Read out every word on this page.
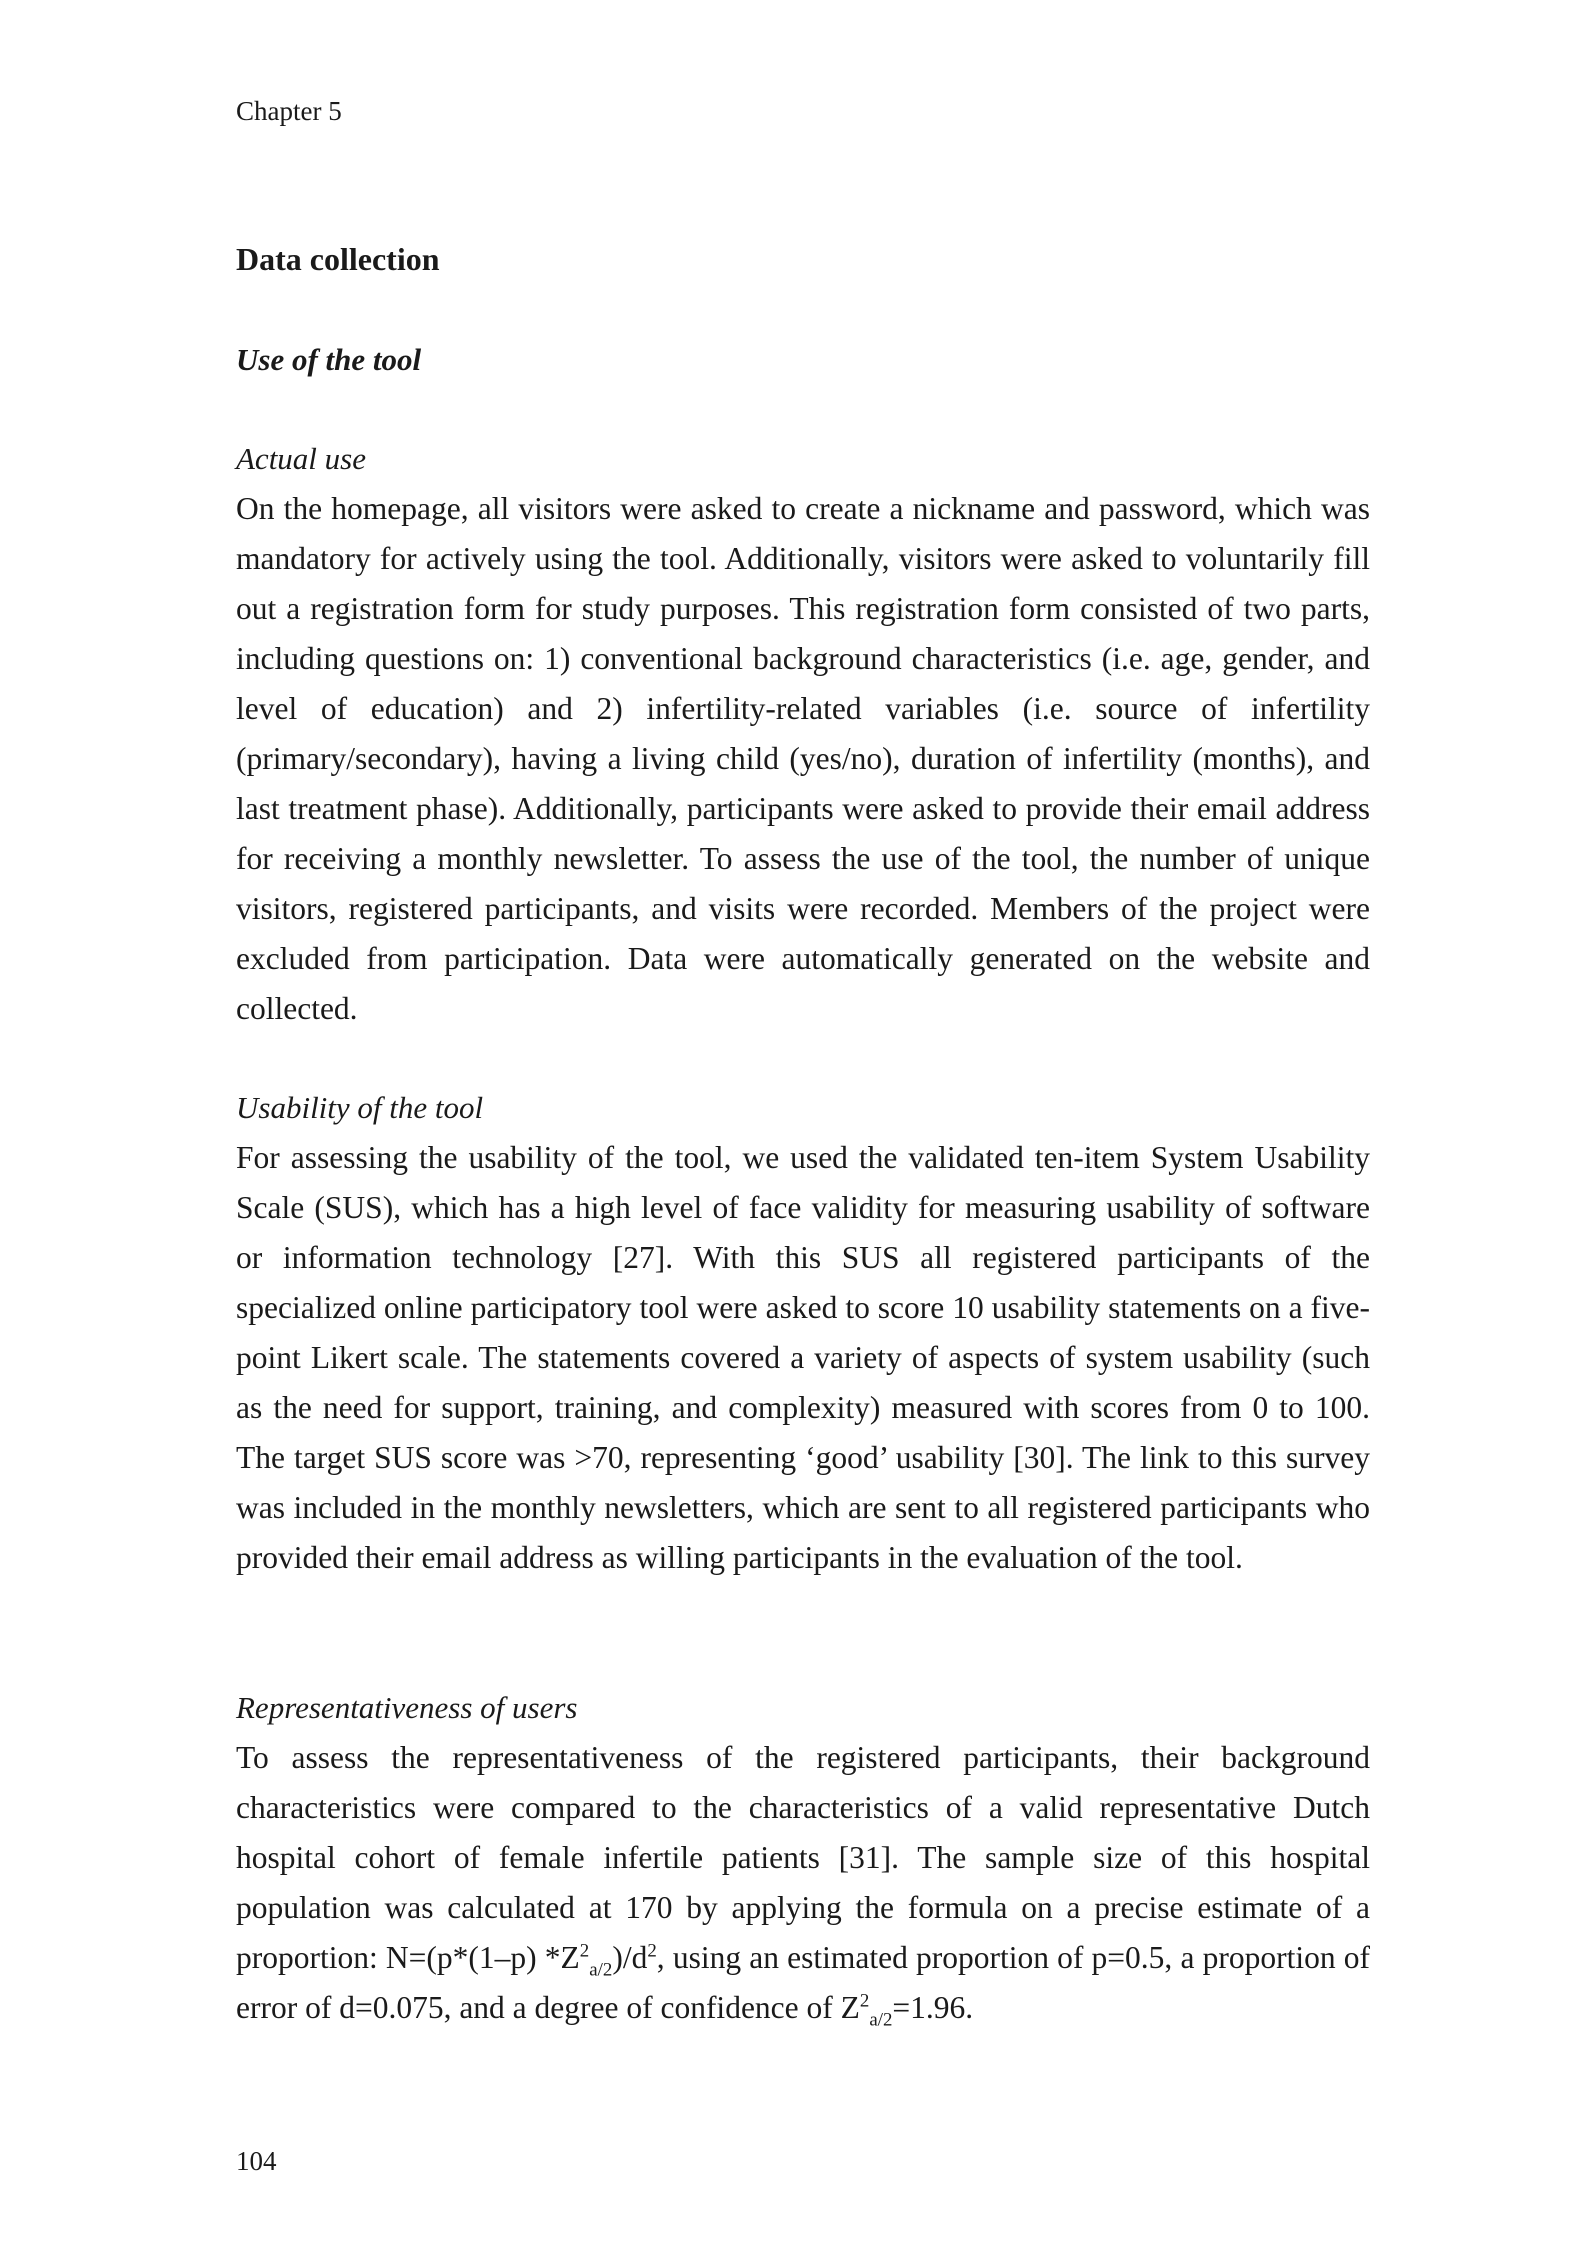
Chapter 5
Data collection
Use of the tool
Actual use

On the homepage, all visitors were asked to create a nickname and password, which was mandatory for actively using the tool. Additionally, visitors were asked to voluntarily fill out a registration form for study purposes. This registration form consisted of two parts, including questions on: 1) conventional background characteristics (i.e. age, gender, and level of education) and 2) infertility-related variables (i.e. source of infertility (primary/secondary), having a living child (yes/no), duration of infertility (months), and last treatment phase). Additionally, participants were asked to provide their email address for receiving a monthly newsletter. To assess the use of the tool, the number of unique visitors, registered participants, and visits were recorded. Members of the project were excluded from participation. Data were automatically generated on the website and collected.

Usability of the tool

For assessing the usability of the tool, we used the validated ten-item System Usability Scale (SUS), which has a high level of face validity for measuring usability of software or information technology [27]. With this SUS all registered participants of the specialized online participatory tool were asked to score 10 usability statements on a five-point Likert scale. The statements covered a variety of aspects of system usability (such as the need for support, training, and complexity) measured with scores from 0 to 100. The target SUS score was >70, representing ‘good’ usability [30]. The link to this survey was included in the monthly newsletters, which are sent to all registered participants who provided their email address as willing participants in the evaluation of the tool.

Representativeness of users

To assess the representativeness of the registered participants, their background characteristics were compared to the characteristics of a valid representative Dutch hospital cohort of female infertile patients [31]. The sample size of this hospital population was calculated at 170 by applying the formula on a precise estimate of a proportion: N=(p*(1–p) $*Z^2_{a/2})/d^2$, using an estimated proportion of p=0.5, a proportion of error of d=0.075, and a degree of confidence of $Z^2_{a/2}=1.96$.

104
